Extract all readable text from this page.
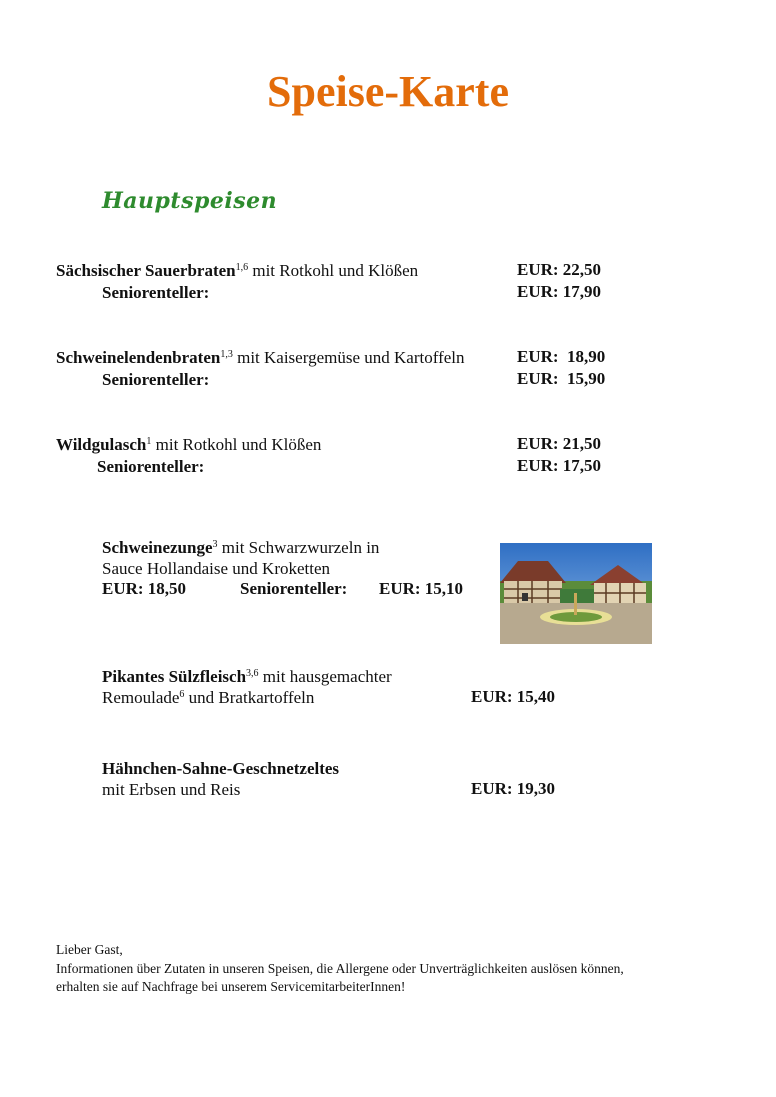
Speise-Karte
Hauptspeisen
Sächsischer Sauerbraten$^{1,6}$ mit Rotkohl und Klößen	EUR: 22,50
Seniorenteller:	EUR: 17,90
Schweinelendenbraten$^{1,3}$ mit Kaisergemüse und Kartoffeln	EUR:  18,90
Seniorenteller:	EUR:  15,90
Wildgulasch$^1$ mit Rotkohl und Klößen	EUR: 21,50
Seniorenteller:	EUR: 17,50
Schweinezunge$^3$ mit Schwarzwurzeln in
Sauce Hollandaise und Kroketten
EUR: 18,50	Seniorenteller: EUR: 15,10
Pikantes Sülzfleisch$^{3,6}$ mit hausgemachter
Remoulade$^6$ und Bratkartoffeln	EUR: 15,40
Hähnchen-Sahne-Geschnetzeltes
mit Erbsen und Reis	EUR: 19,30
Lieber Gast,
Informationen über Zutaten in unseren Speisen, die Allergene oder Unverträglichkeiten auslösen können,
erhalten sie auf Nachfrage bei unserem ServicemitarbeiterInnen!
